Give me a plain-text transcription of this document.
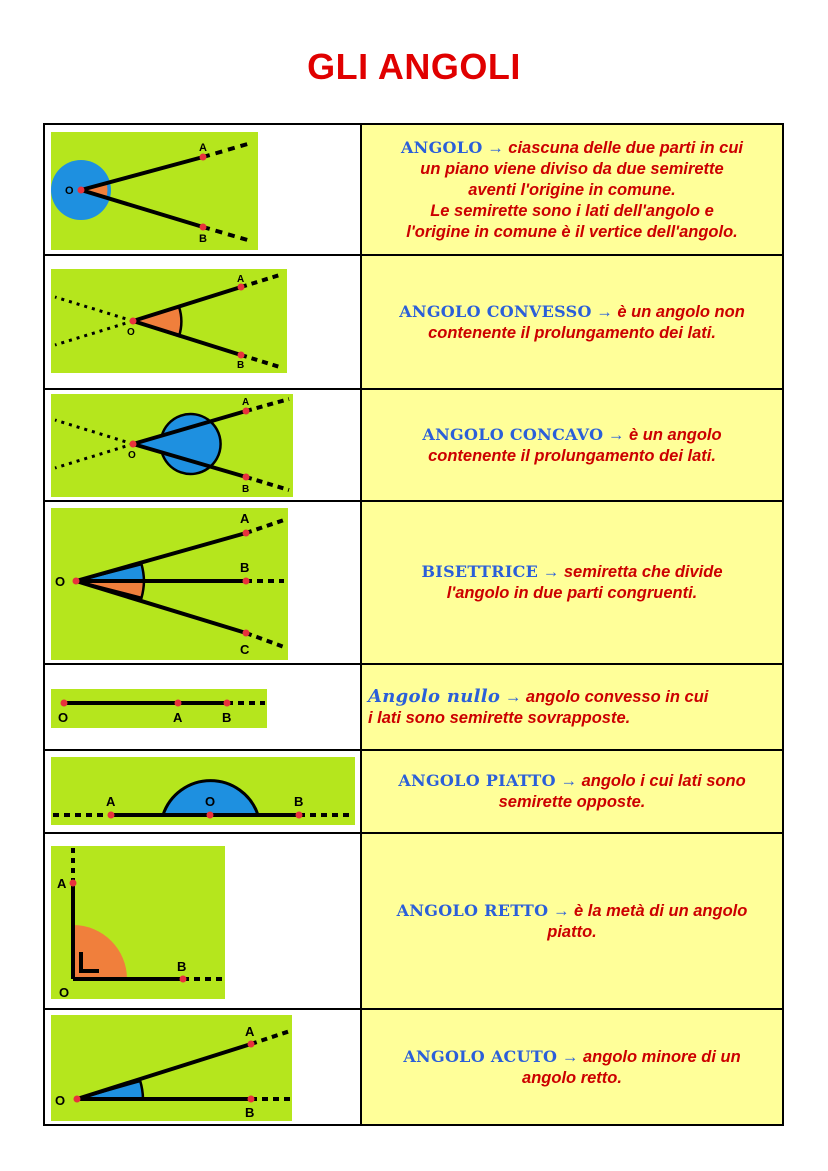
GLI ANGOLI
O
A
B
ANGOLO → ciascuna delle due parti in cui
un piano viene diviso da due semirette
aventi l'origine in comune.
Le semirette sono i lati dell'angolo e
l'origine in comune è il vertice dell'angolo.
O
A
B
ANGOLO CONVESSO → è un angolo non
contenente il prolungamento dei lati.
O
A
B
ANGOLO CONCAVO → è un angolo
contenente il prolungamento dei lati.
O
A
B
C
BISETTRICE → semiretta che divide
l'angolo in due parti congruenti.
O	A	B
Angolo nullo → angolo convesso in cui
i lati sono semirette sovrapposte.
A	O	B
ANGOLO PIATTO → angolo i cui lati sono
semirette opposte.
A
O
B
ANGOLO RETTO → è la metà di un angolo
piatto.
O
A
B
ANGOLO ACUTO → angolo minore di un
angolo retto.
